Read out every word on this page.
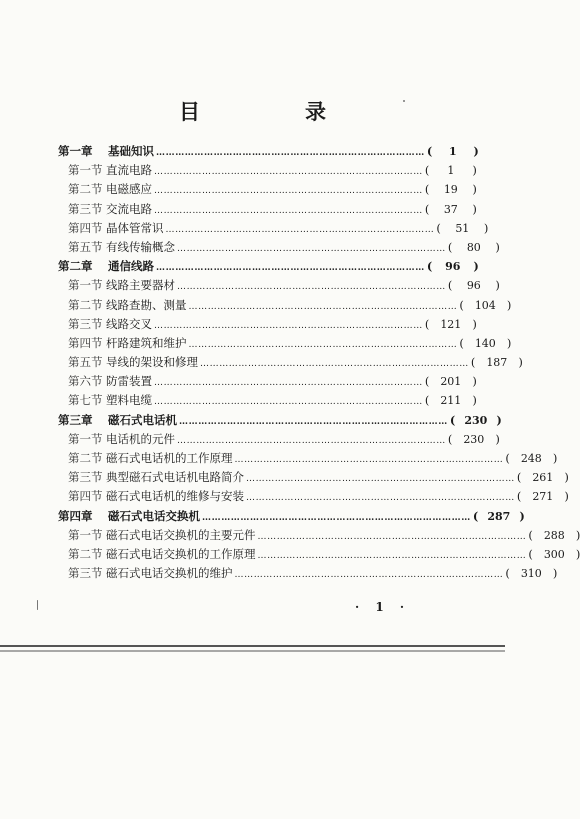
目　录
第一章	基础知识 ………………………………………………………………………… (	1	)
第一节 直流电路 ………………………………………………………………………… (	1	)
第二节 电磁感应 ………………………………………………………………………… (	19	)
第三节 交流电路 ………………………………………………………………………… (	37	)
第四节 晶体管常识 ………………………………………………………………………… (	51	)
第五节 有线传输概念 ………………………………………………………………………… (	80	)
第二章	通信线路 ………………………………………………………………………… (	96	)
第一节 线路主要器材 ………………………………………………………………………… (	96	)
第二节 线路查勘、测量 ………………………………………………………………………… (	104 )
第三节 线路交叉 ………………………………………………………………………… (	121 )
第四节 杆路建筑和维护 ………………………………………………………………………… (	140 )
第五节 导线的架设和修理 ………………………………………………………………………… (	187 )
第六节 防雷装置 ………………………………………………………………………… (	201 )
第七节 塑料电缆 ………………………………………………………………………… (	211 )
第三章	磁石式电话机 ………………………………………………………………………… ( 230 )
第一节 电话机的元件 ………………………………………………………………………… (	230 )
第二节 磁石式电话机的工作原理 ………………………………………………………………………… (	248 )
第三节 典型磁石式电话机电路简介 ………………………………………………………………………… (	261 )
第四节 磁石式电话机的维修与安装 ………………………………………………………………………… (	271 )
第四章	磁石式电话交换机 ………………………………………………………………………… ( 287 )
第一节 磁石式电话交换机的主要元件 ………………………………………………………………………… (	288 )
第二节 磁石式电话交换机的工作原理 ………………………………………………………………………… (	300 )
第三节 磁石式电话交换机的维护 ………………………………………………………………………… (	310 )
· 1 ·
